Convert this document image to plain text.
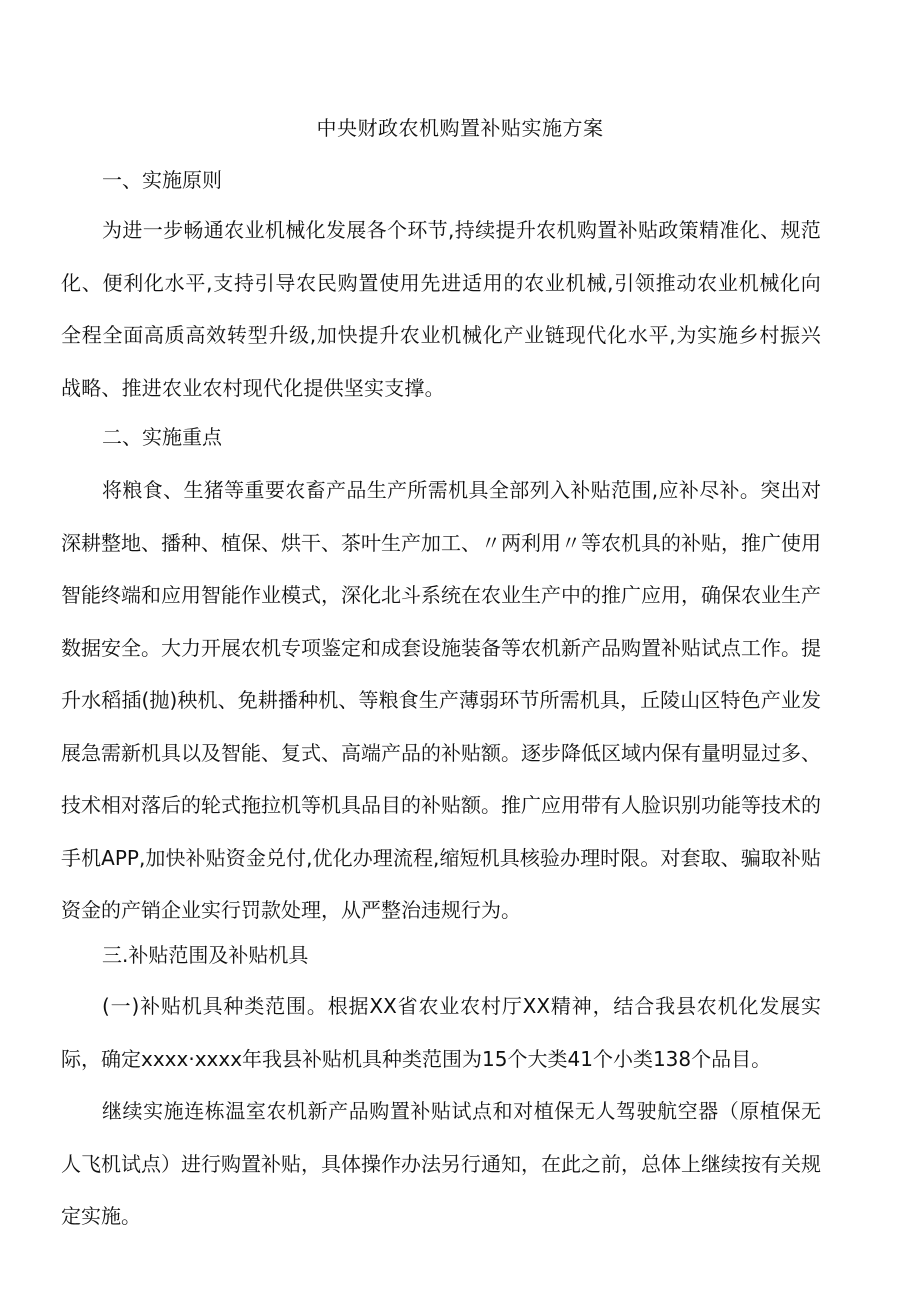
中央财政农机购置补贴实施方案
一、实施原则

为进一步畅通农业机械化发展各个环节,持续提升农机购置补贴政策精准化、规范化、便利化水平,支持引导农民购置使用先进适用的农业机械,引领推动农业机械化向全程全面高质高效转型升级,加快提升农业机械化产业链现代化水平,为实施乡村振兴战略、推进农业农村现代化提供坚实支撑。

二、实施重点

将粮食、生猪等重要农畜产品生产所需机具全部列入补贴范围,应补尽补。突出对深耕整地、播种、植保、烘干、茶叶生产加工、〃两利用〃等农机具的补贴，推广使用智能终端和应用智能作业模式，深化北斗系统在农业生产中的推广应用，确保农业生产数据安全。大力开展农机专项鉴定和成套设施装备等农机新产品购置补贴试点工作。提升水稻插(抛)秧机、免耕播种机、等粮食生产薄弱环节所需机具，丘陵山区特色产业发展急需新机具以及智能、复式、高端产品的补贴额。逐步降低区域内保有量明显过多、技术相对落后的轮式拖拉机等机具品目的补贴额。推广应用带有人脸识别功能等技术的手机APP,加快补贴资金兑付,优化办理流程,缩短机具核验办理时限。对套取、骗取补贴资金的产销企业实行罚款处理，从严整治违规行为。

三.补贴范围及补贴机具

(一)补贴机具种类范围。根据XX省农业农村厅XX精神，结合我县农机化发展实际，确定xxxx·xxxx年我县补贴机具种类范围为15个大类41个小类138个品目。

继续实施连栋温室农机新产品购置补贴试点和对植保无人驾驶航空器（原植保无人飞机试点）进行购置补贴，具体操作办法另行通知，在此之前，总体上继续按有关规定实施。
